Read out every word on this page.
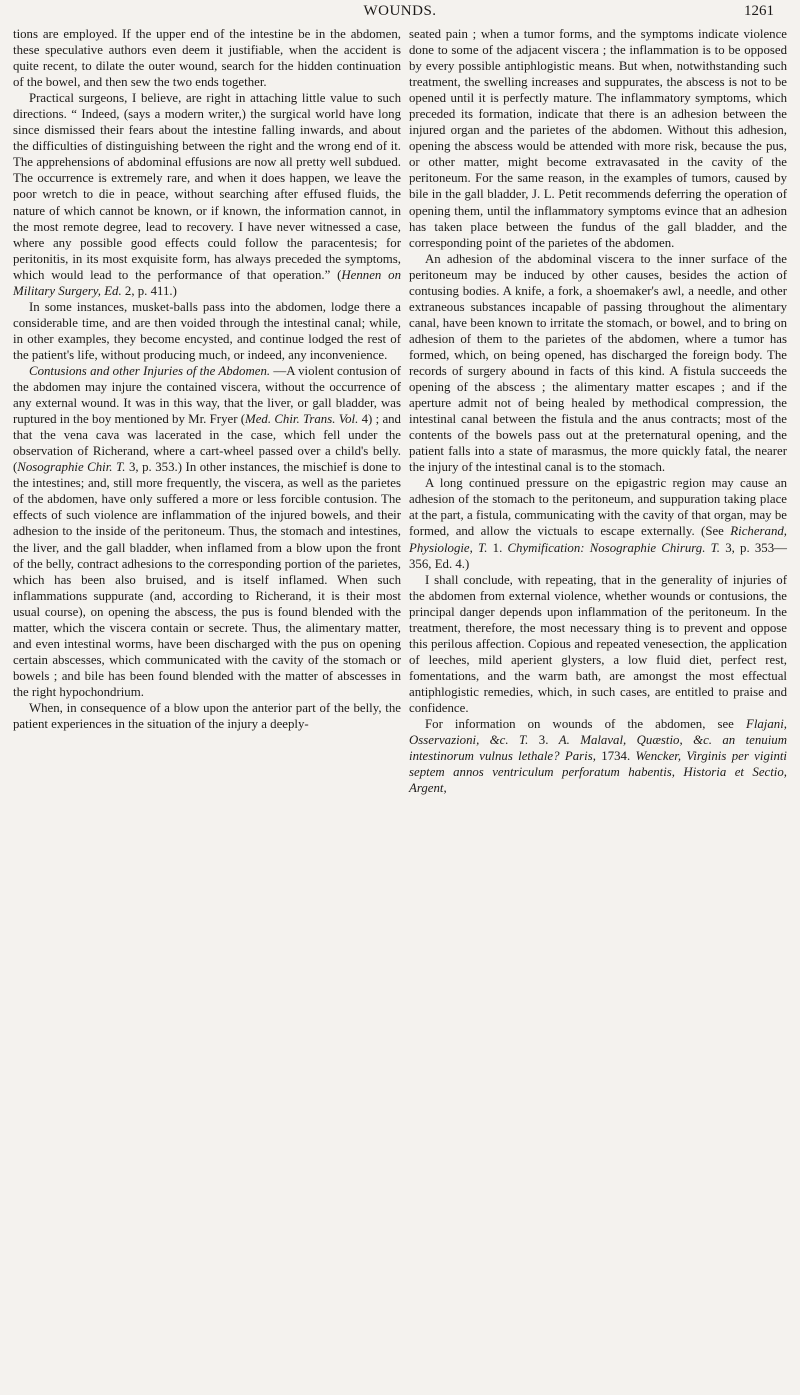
WOUNDS.	1261

tions are employed. If the upper end of the intestine be in the abdomen, these speculative authors even deem it justifiable, when the accident is quite recent, to dilate the outer wound, search for the hidden continuation of the bowel, and then sew the two ends together.

Practical surgeons, I believe, are right in attaching little value to such directions. “ Indeed, (says a modern writer,) the surgical world have long since dismissed their fears about the intestine falling inwards, and about the difficulties of distinguishing between the right and the wrong end of it. The apprehensions of abdominal effusions are now all pretty well subdued. The occurrence is extremely rare, and when it does happen, we leave the poor wretch to die in peace, without searching after effused fluids, the nature of which cannot be known, or if known, the information cannot, in the most remote degree, lead to recovery. I have never witnessed a case, where any possible good effects could follow the paracentesis; for peritonitis, in its most exquisite form, has always preceded the symptoms, which would lead to the performance of that operation.” (Hennen on Military Surgery, Ed. 2, p. 411.)

In some instances, musket-balls pass into the abdomen, lodge there a considerable time, and are then voided through the intestinal canal; while, in other examples, they become encysted, and continue lodged the rest of the patient's life, without producing much, or indeed, any inconvenience.

Contusions and other Injuries of the Abdomen. —A violent contusion of the abdomen may injure the contained viscera, without the occurrence of any external wound. It was in this way, that the liver, or gall bladder, was ruptured in the boy mentioned by Mr. Fryer (Med. Chir. Trans. Vol. 4) ; and that the vena cava was lacerated in the case, which fell under the observation of Richerand, where a cart-wheel passed over a child's belly. (Nosographie Chir. T. 3, p. 353.) In other instances, the mischief is done to the intestines; and, still more frequently, the viscera, as well as the parietes of the abdomen, have only suffered a more or less forcible contusion. The effects of such violence are inflammation of the injured bowels, and their adhesion to the inside of the peritoneum. Thus, the stomach and intestines, the liver, and the gall bladder, when inflamed from a blow upon the front of the belly, contract adhesions to the corresponding portion of the parietes, which has been also bruised, and is itself inflamed. When such inflammations suppurate (and, according to Richerand, it is their most usual course), on opening the abscess, the pus is found blended with the matter, which the viscera contain or secrete. Thus, the alimentary matter, and even intestinal worms, have been discharged with the pus on opening certain abscesses, which communicated with the cavity of the stomach or bowels ; and bile has been found blended with the matter of abscesses in the right hypochondrium.

When, in consequence of a blow upon the anterior part of the belly, the patient experiences in the situation of the injury a deeply-

seated pain ; when a tumor forms, and the symptoms indicate violence done to some of the adjacent viscera ; the inflammation is to be opposed by every possible antiphlogistic means. But when, notwithstanding such treatment, the swelling increases and suppurates, the abscess is not to be opened until it is perfectly mature. The inflammatory symptoms, which preceded its formation, indicate that there is an adhesion between the injured organ and the parietes of the abdomen. Without this adhesion, opening the abscess would be attended with more risk, because the pus, or other matter, might become extravasated in the cavity of the peritoneum. For the same reason, in the examples of tumors, caused by bile in the gall bladder, J. L. Petit recommends deferring the operation of opening them, until the inflammatory symptoms evince that an adhesion has taken place between the fundus of the gall bladder, and the corresponding point of the parietes of the abdomen.

An adhesion of the abdominal viscera to the inner surface of the peritoneum may be induced by other causes, besides the action of contusing bodies. A knife, a fork, a shoemaker's awl, a needle, and other extraneous substances incapable of passing throughout the alimentary canal, have been known to irritate the stomach, or bowel, and to bring on adhesion of them to the parietes of the abdomen, where a tumor has formed, which, on being opened, has discharged the foreign body. The records of surgery abound in facts of this kind. A fistula succeeds the opening of the abscess ; the alimentary matter escapes ; and if the aperture admit not of being healed by methodical compression, the intestinal canal between the fistula and the anus contracts; most of the contents of the bowels pass out at the preternatural opening, and the patient falls into a state of marasmus, the more quickly fatal, the nearer the injury of the intestinal canal is to the stomach.

A long continued pressure on the epigastric region may cause an adhesion of the stomach to the peritoneum, and suppuration taking place at the part, a fistula, communicating with the cavity of that organ, may be formed, and allow the victuals to escape externally. (See Richerand, Physiologie, T. 1. Chymification: Nosographie Chirurg. T. 3, p. 353—356, Ed. 4.)

I shall conclude, with repeating, that in the generality of injuries of the abdomen from external violence, whether wounds or contusions, the principal danger depends upon inflammation of the peritoneum. In the treatment, therefore, the most necessary thing is to prevent and oppose this perilous affection. Copious and repeated venesection, the application of leeches, mild aperient glysters, a low fluid diet, perfect rest, fomentations, and the warm bath, are amongst the most effectual antiphlogistic remedies, which, in such cases, are entitled to praise and confidence.

For information on wounds of the abdomen, see Flajani, Osservazioni, &c. T. 3. A. Malaval, Quæstio, &c. an tenuium intestinorum vulnus lethale? Paris, 1734. Wencker, Virginis per viginti septem annos ventriculum perforatum habentis, Historia et Sectio, Argent,
